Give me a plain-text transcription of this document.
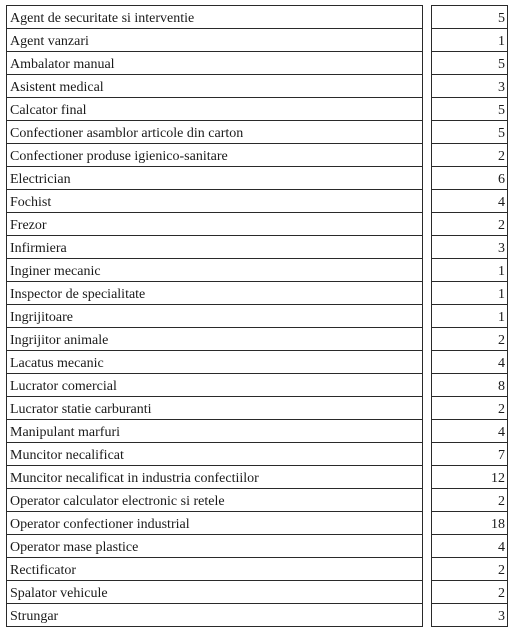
Agent de securitate si interventie		5
Agent vanzari		1
Ambalator manual		5
Asistent medical		3
Calcator final		5
Confectioner asamblor articole din carton		5
Confectioner produse igienico-sanitare		2
Electrician		6
Fochist		4
Frezor		2
Infirmiera		3
Inginer mecanic		1
Inspector de specialitate		1
Ingrijitoare		1
Ingrijitor animale		2
Lacatus mecanic		4
Lucrator comercial		8
Lucrator statie carburanti		2
Manipulant marfuri		4
Muncitor necalificat		7
Muncitor necalificat in industria confectiilor		12
Operator calculator electronic si retele		2
Operator confectioner industrial		18
Operator mase plastice		4
Rectificator		2
Spalator vehicule		2
Strungar		3
